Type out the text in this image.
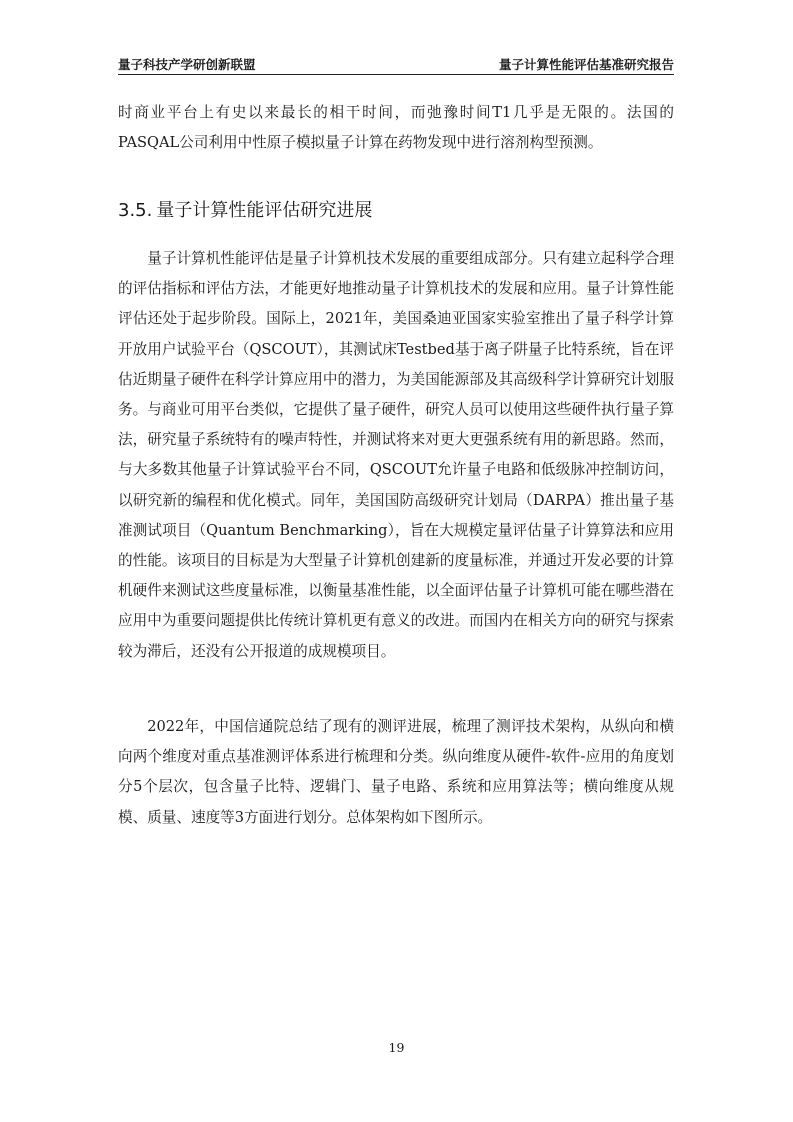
量子科技产学研创新联盟	量子计算性能评估基准研究报告

时商业平台上有史以来最长的相干时间，而弛豫时间T1几乎是无限的。法国的PASQAL公司利用中性原子模拟量子计算在药物发现中进行溶剂构型预测。

3.5. 量子计算性能评估研究进展

量子计算机性能评估是量子计算机技术发展的重要组成部分。只有建立起科学合理的评估指标和评估方法，才能更好地推动量子计算机技术的发展和应用。量子计算性能评估还处于起步阶段。国际上，2021年，美国桑迪亚国家实验室推出了量子科学计算开放用户试验平台（QSCOUT），其测试床Testbed基于离子阱量子比特系统，旨在评估近期量子硬件在科学计算应用中的潜力，为美国能源部及其高级科学计算研究计划服务。与商业可用平台类似，它提供了量子硬件，研究人员可以使用这些硬件执行量子算法，研究量子系统特有的噪声特性，并测试将来对更大更强系统有用的新思路。然而，与大多数其他量子计算试验平台不同，QSCOUT允许量子电路和低级脉冲控制访问，以研究新的编程和优化模式。同年，美国国防高级研究计划局（DARPA）推出量子基准测试项目（Quantum Benchmarking），旨在大规模定量评估量子计算算法和应用的性能。该项目的目标是为大型量子计算机创建新的度量标准，并通过开发必要的计算机硬件来测试这些度量标准，以衡量基准性能，以全面评估量子计算机可能在哪些潜在应用中为重要问题提供比传统计算机更有意义的改进。而国内在相关方向的研究与探索较为滞后，还没有公开报道的成规模项目。

2022年，中国信通院总结了现有的测评进展，梳理了测评技术架构，从纵向和横向两个维度对重点基准测评体系进行梳理和分类。纵向维度从硬件-软件-应用的角度划分5个层次，包含量子比特、逻辑门、量子电路、系统和应用算法等；横向维度从规模、质量、速度等3方面进行划分。总体架构如下图所示。

19
